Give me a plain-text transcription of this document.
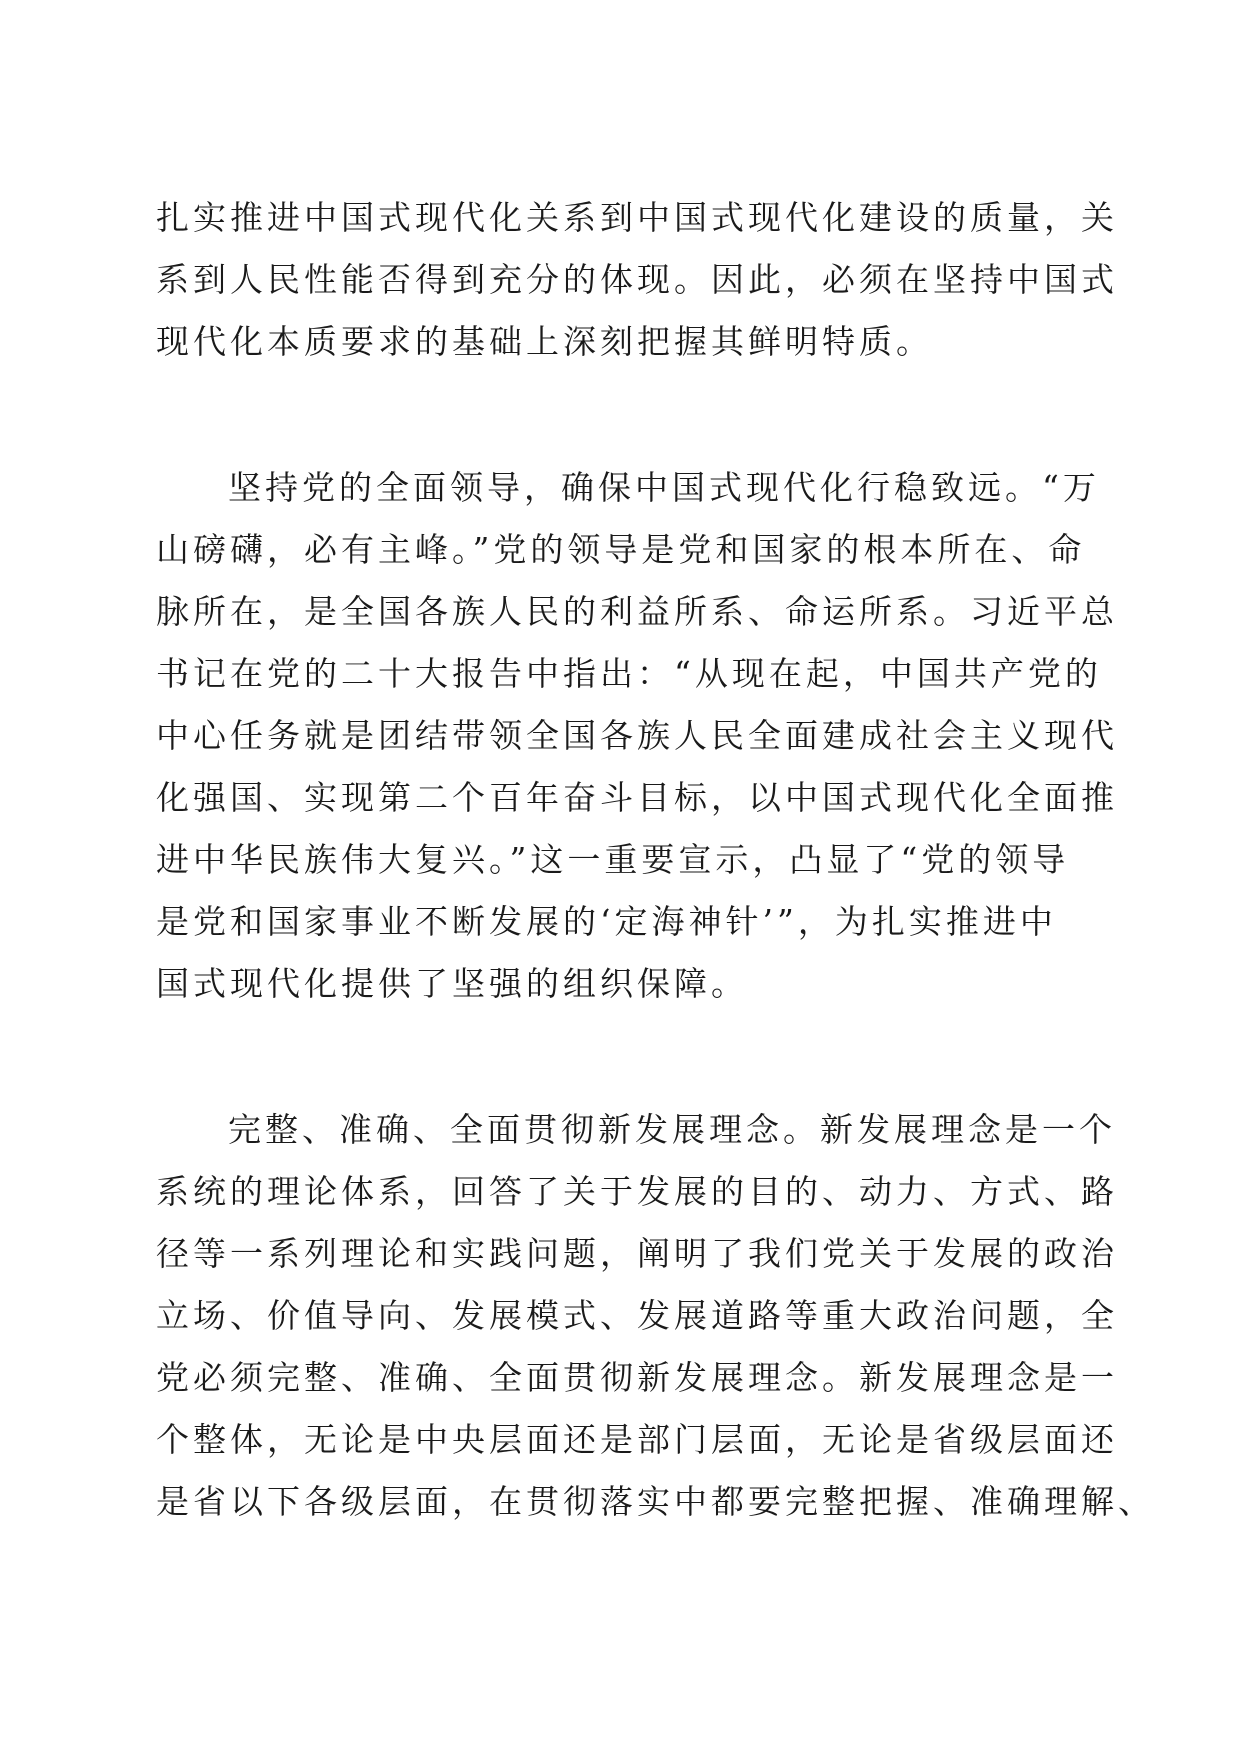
扎实推进中国式现代化关系到中国式现代化建设的质量，关
系到人民性能否得到充分的体现。因此，必须在坚持中国式
现代化本质要求的基础上深刻把握其鲜明特质。
坚持党的全面领导，确保中国式现代化行稳致远。“万
山磅礴，必有主峰。”党的领导是党和国家的根本所在、命
脉所在，是全国各族人民的利益所系、命运所系。习近平总
书记在党的二十大报告中指出：“从现在起，中国共产党的
中心任务就是团结带领全国各族人民全面建成社会主义现代
化强国、实现第二个百年奋斗目标，以中国式现代化全面推
进中华民族伟大复兴。”这一重要宣示，凸显了“党的领导
是党和国家事业不断发展的‘定海神针’”，为扎实推进中
国式现代化提供了坚强的组织保障。
完整、准确、全面贯彻新发展理念。新发展理念是一个
系统的理论体系，回答了关于发展的目的、动力、方式、路
径等一系列理论和实践问题，阐明了我们党关于发展的政治
立场、价值导向、发展模式、发展道路等重大政治问题，全
党必须完整、准确、全面贯彻新发展理念。新发展理念是一
个整体，无论是中央层面还是部门层面，无论是省级层面还
是省以下各级层面，在贯彻落实中都要完整把握、准确理解、
